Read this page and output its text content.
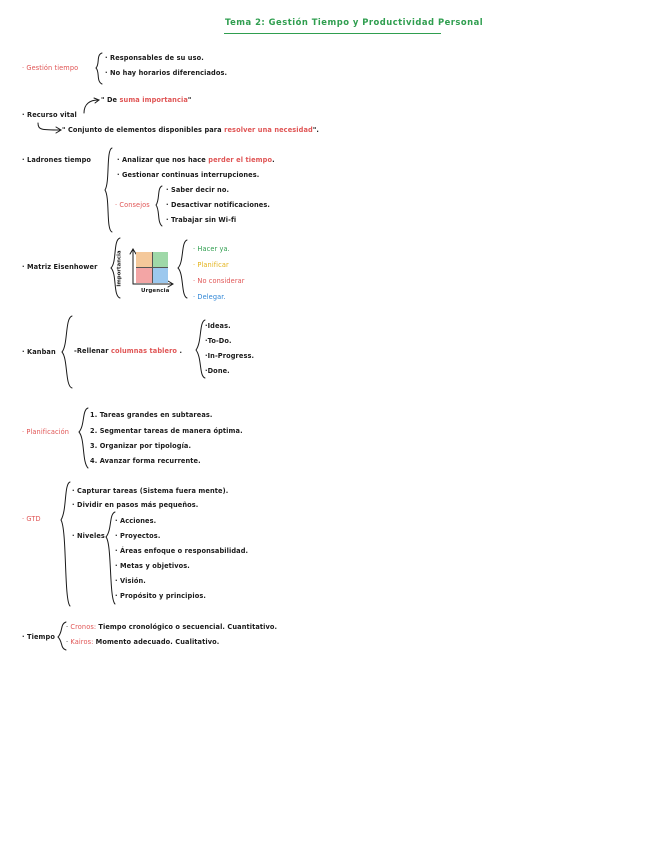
Tema 2: Gestión Tiempo y Productividad Personal
· Gestión tiempo
· Responsables de su uso.
· No hay horarios diferenciados.
" De suma importancia"
· Recurso vital
" Conjunto de elementos disponibles para resolver una necesidad".
· Ladrones tiempo	· Analizar que nos hace perder el tiempo.
· Gestionar continuas interrupciones.
· Consejos
· Saber decir no.
· Desactivar notificaciones.
· Trabajar sin Wi-fi
· Matriz Eisenhower	Importancia
Urgencia
· Hacer ya.
· Planificar
· No considerar
· Delegar.
· Kanban	-Rellenar columnas tablero .
·Ideas.
·To-Do.
·In-Progress.
·Done.
· Planificación
1. Tareas grandes en subtareas.
2. Segmentar tareas de manera óptima.
3. Organizar por tipología.
4. Avanzar forma recurrente.
· GTD
· Capturar tareas (Sistema fuera mente).
· Dividir en pasos más pequeños.
· Niveles
· Acciones.
· Proyectos.
· Áreas enfoque o responsabilidad.
· Metas y objetivos.
· Visión.
· Propósito y principios.
· Tiempo
· Cronos: Tiempo cronológico o secuencial. Cuantitativo.
· Kairos: Momento adecuado. Cualitativo.
